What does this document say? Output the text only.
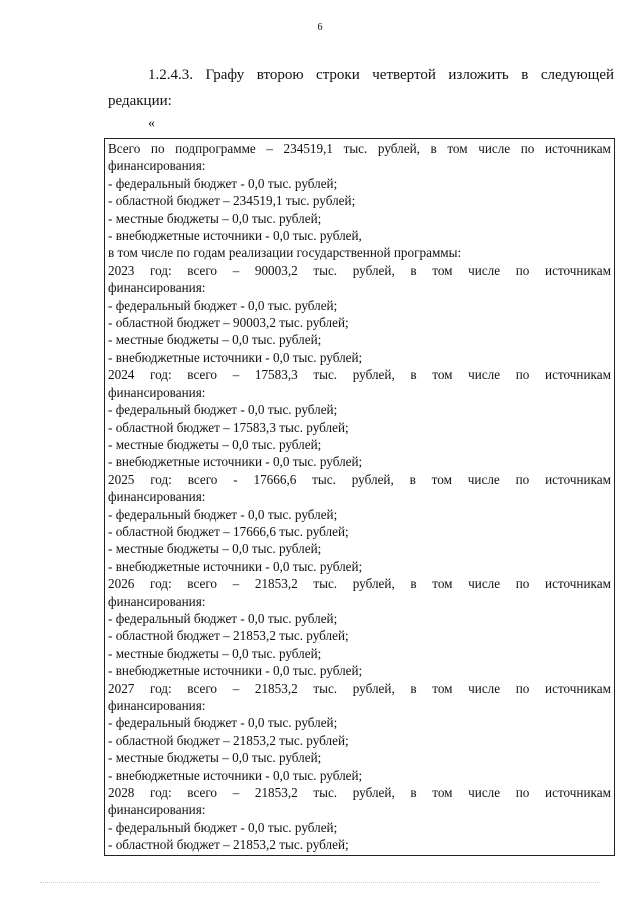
6
1.2.4.3. Графу второю строки четвертой изложить в следующей
редакции:
«
Всего по подпрограмме – 234519,1 тыс. рублей, в том числе по источникам
финансирования:
- федеральный бюджет - 0,0 тыс. рублей;
- областной бюджет – 234519,1 тыс. рублей;
- местные бюджеты – 0,0 тыс. рублей;
- внебюджетные источники - 0,0 тыс. рублей,
в том числе по годам реализации государственной программы:
2023 год: всего – 90003,2 тыс. рублей, в том числе по источникам
финансирования:
- федеральный бюджет - 0,0 тыс. рублей;
- областной бюджет – 90003,2 тыс. рублей;
- местные бюджеты – 0,0 тыс. рублей;
- внебюджетные источники - 0,0 тыс. рублей;
2024 год: всего – 17583,3 тыс. рублей, в том числе по источникам
финансирования:
- федеральный бюджет - 0,0 тыс. рублей;
- областной бюджет – 17583,3 тыс. рублей;
- местные бюджеты – 0,0 тыс. рублей;
- внебюджетные источники - 0,0 тыс. рублей;
2025 год: всего - 17666,6 тыс. рублей, в том числе по источникам
финансирования:
- федеральный бюджет - 0,0 тыс. рублей;
- областной бюджет – 17666,6 тыс. рублей;
- местные бюджеты – 0,0 тыс. рублей;
- внебюджетные источники - 0,0 тыс. рублей;
2026 год: всего – 21853,2 тыс. рублей, в том числе по источникам
финансирования:
- федеральный бюджет - 0,0 тыс. рублей;
- областной бюджет – 21853,2 тыс. рублей;
- местные бюджеты – 0,0 тыс. рублей;
- внебюджетные источники - 0,0 тыс. рублей;
2027 год: всего – 21853,2 тыс. рублей, в том числе по источникам
финансирования:
- федеральный бюджет - 0,0 тыс. рублей;
- областной бюджет – 21853,2 тыс. рублей;
- местные бюджеты – 0,0 тыс. рублей;
- внебюджетные источники - 0,0 тыс. рублей;
2028 год: всего – 21853,2 тыс. рублей, в том числе по источникам
финансирования:
- федеральный бюджет - 0,0 тыс. рублей;
- областной бюджет – 21853,2 тыс. рублей;
